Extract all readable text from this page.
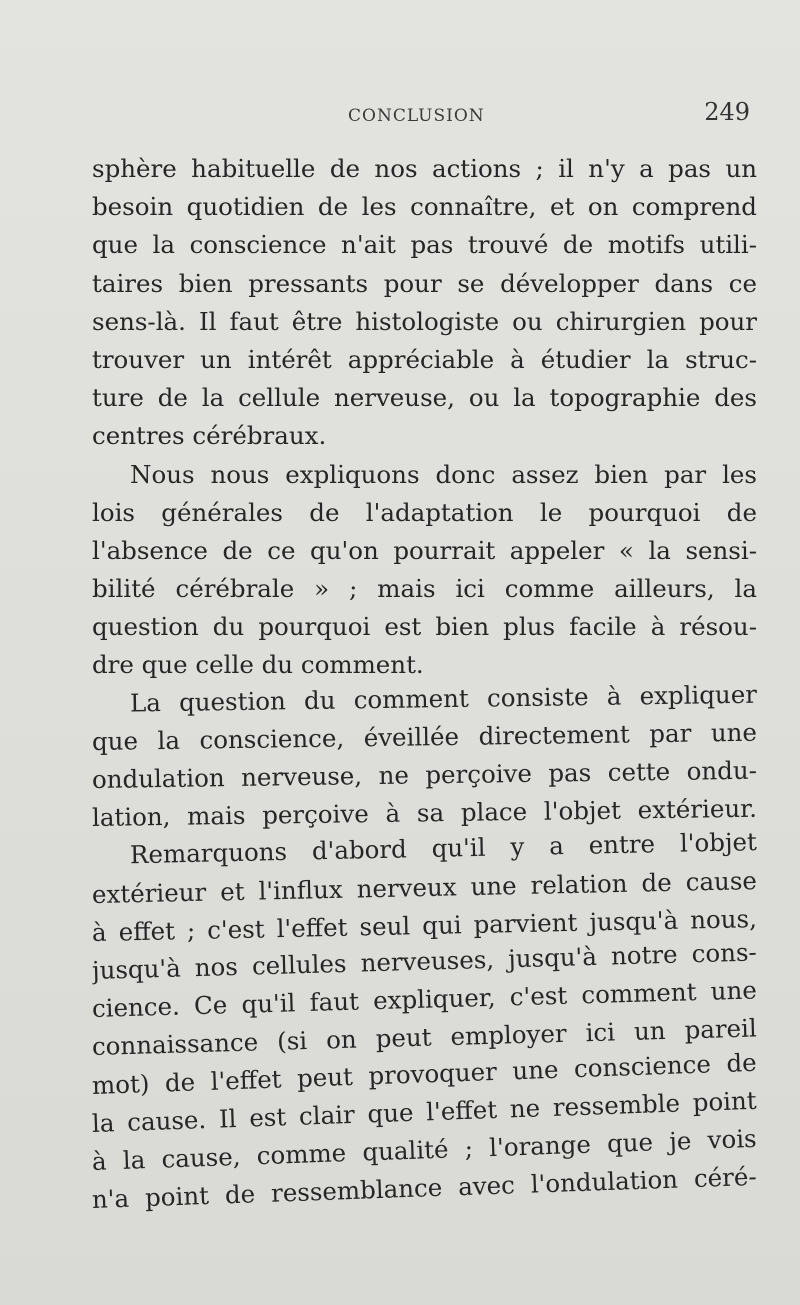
CONCLUSION	249
sphère habituelle de nos actions ; il n'y a pas un
besoin quotidien de les connaître, et on comprend
que la conscience n'ait pas trouvé de motifs utili-
taires bien pressants pour se développer dans ce
sens-là. Il faut être histologiste ou chirurgien pour
trouver un intérêt appréciable à étudier la struc-
ture de la cellule nerveuse, ou la topographie des
centres cérébraux.
Nous nous expliquons donc assez bien par les
lois générales de l'adaptation le pourquoi de
l'absence de ce qu'on pourrait appeler « la sensi-
bilité cérébrale » ; mais ici comme ailleurs, la
question du pourquoi est bien plus facile à résou-
dre que celle du comment.
La question du comment consiste à expliquer
que la conscience, éveillée directement par une
ondulation nerveuse, ne perçoive pas cette ondu-
lation, mais perçoive à sa place l'objet extérieur.
Remarquons d'abord qu'il y a entre l'objet
extérieur et l'influx nerveux une relation de cause
à effet ; c'est l'effet seul qui parvient jusqu'à nous,
jusqu'à nos cellules nerveuses, jusqu'à notre cons-
cience. Ce qu'il faut expliquer, c'est comment une
connaissance (si on peut employer ici un pareil
mot) de l'effet peut provoquer une conscience de
la cause. Il est clair que l'effet ne ressemble point
à la cause, comme qualité ; l'orange que je vois
n'a point de ressemblance avec l'ondulation céré-
